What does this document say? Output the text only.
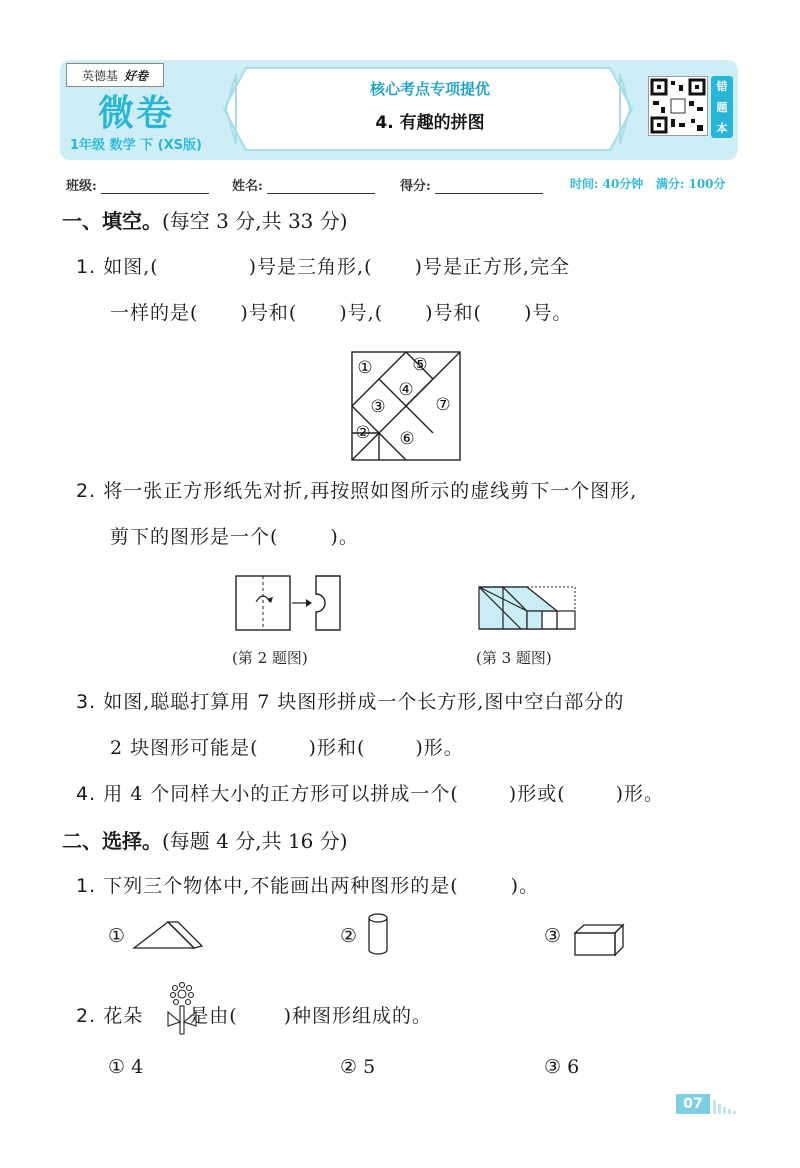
英德基 好卷
微卷
1年级 数学 下 (XS版)
核心考点专项提优
4. 有趣的拼图
错
题
本
班级:	姓名:	得分:	时间: 40分钟 满分: 100分
一、填空。(每空 3 分,共 33 分)
1. 如图,(	)号是三角形,( )号是正方形,完全
一样的是( )号和( )号,( )号和( )号。
① ⑤
④
③	⑦
② ⑥
2. 将一张正方形纸先对折,再按照如图所示的虚线剪下一个图形,
剪下的图形是一个(	)。
(第 2 题图)	(第 3 题图)
3. 如图,聪聪打算用 7 块图形拼成一个长方形,图中空白部分的
2 块图形可能是(	)形和(	)形。
4. 用 4 个同样大小的正方形可以拼成一个(	)形或(	)形。
二、选择。(每题 4 分,共 16 分)
1. 下列三个物体中,不能画出两种图形的是(	)。
①	②	③
2. 花朵 是由( )种图形组成的。
① 4	② 5	③ 6
07
